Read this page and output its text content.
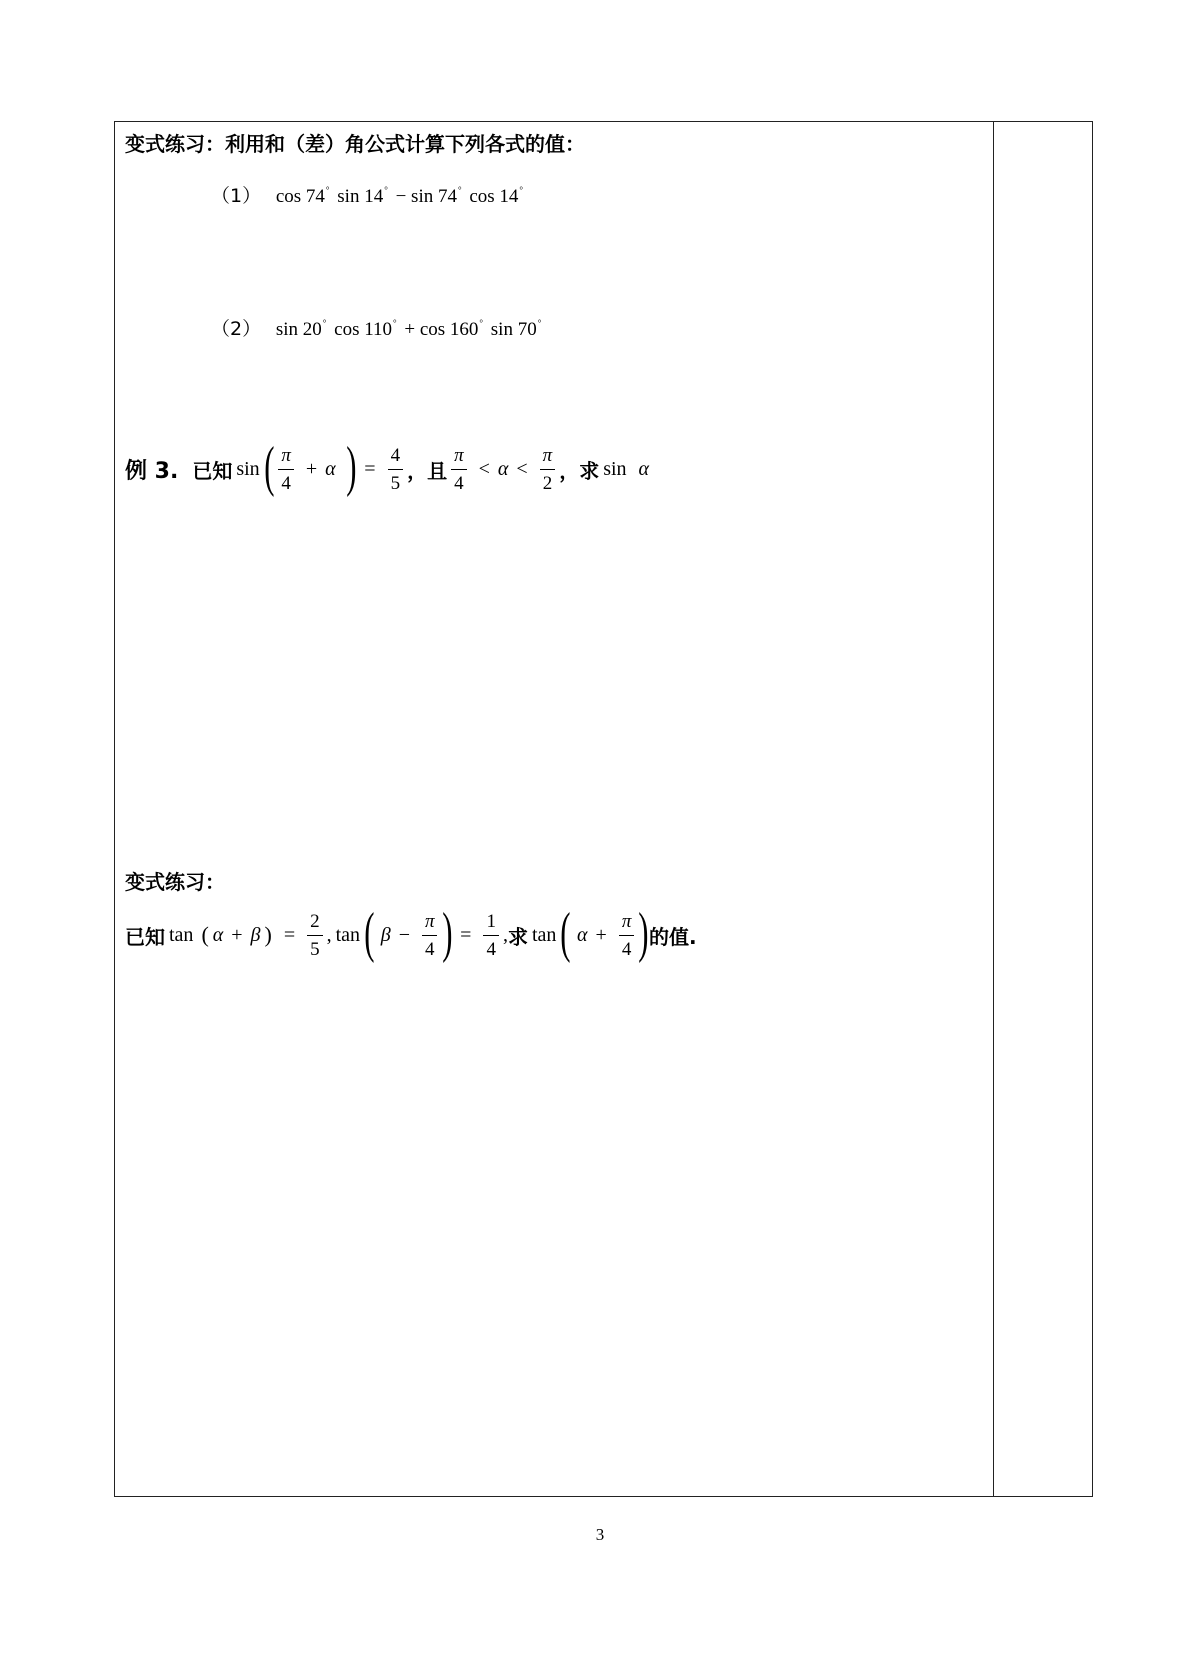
变式练习：利用和（差）角公式计算下列各式的值：
（1） cos 74° sin 14° − sin 74° cos 14°
（2） sin 20° cos 110° + cos 160° sin 70°
例 3. 已知 sin ( $\frac{\pi}{4} + \alpha$ ) = $\frac{4}{5}$ ， 且 $\frac{\pi}{4} < \alpha < \frac{\pi}{2}$ ， 求 sin α
变式练习：
已知 tan ( α + β ) = $\frac{2}{5}$ , tan ( $\beta - \frac{\pi}{4}$ ) = $\frac{1}{4}$ , 求 tan ( $\alpha + \frac{\pi}{4}$ ) 的值.
3
